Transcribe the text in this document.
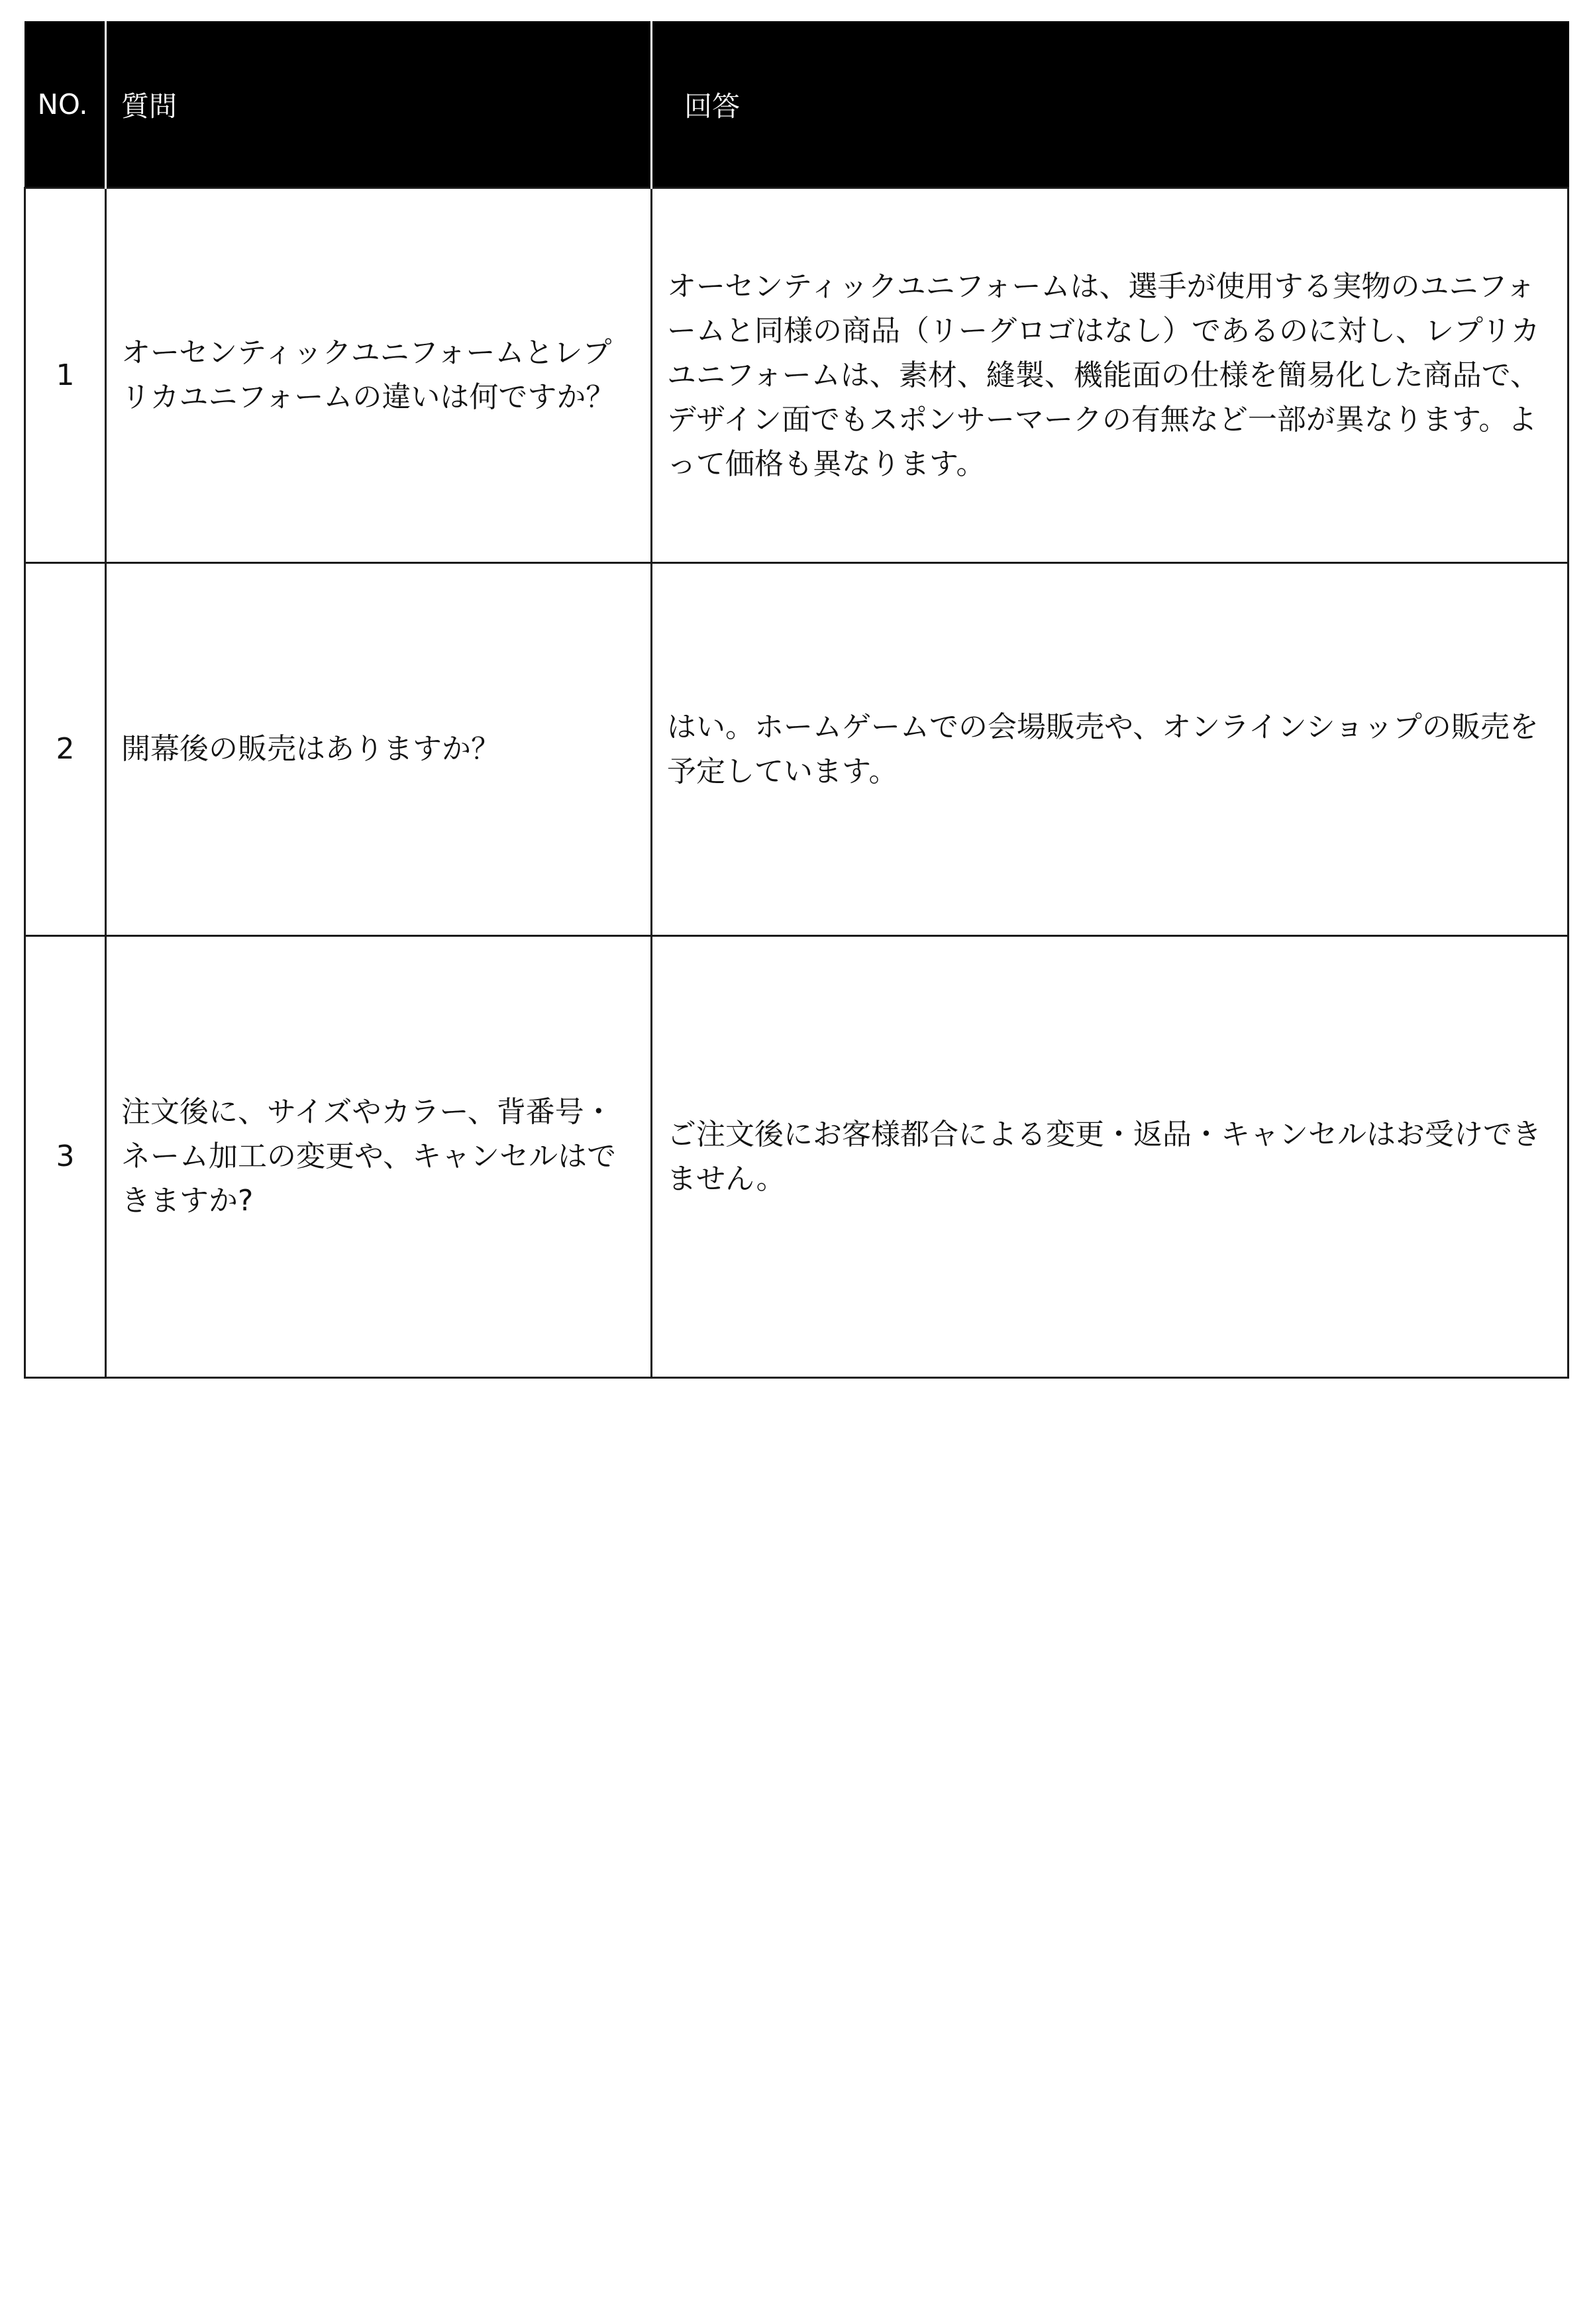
NO.	質問	回答
1	オーセンティックユニフォームとレプリカユニフォームの違いは何ですか？	オーセンティックユニフォームは、選手が使用する実物のユニフォームと同様の商品（リーグロゴはなし）であるのに対し、レプリカユニフォームは、素材、縫製、機能面の仕様を簡易化した商品で、デザイン面でもスポンサーマークの有無など一部が異なります。よって価格も異なります。
2	開幕後の販売はありますか？	はい。ホームゲームでの会場販売や、オンラインショップの販売を予定しています。
3	注文後に、サイズやカラー、背番号・ネーム加工の変更や、キャンセルはできますか?	ご注文後にお客様都合による変更・返品・キャンセルはお受けできません。
